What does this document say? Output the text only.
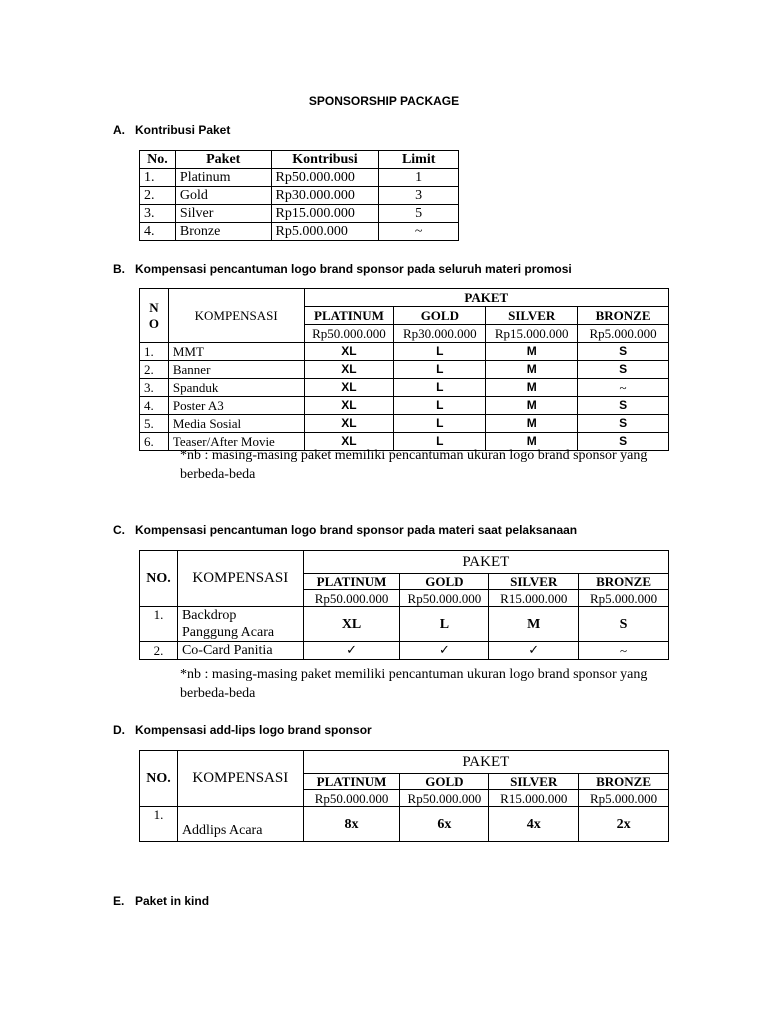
SPONSORSHIP PACKAGE
A. Kontribusi Paket
No.	Paket	Kontribusi	Limit
1.	Platinum	Rp50.000.000	1
2.	Gold	Rp30.000.000	3
3.	Silver	Rp15.000.000	5
4.	Bronze	Rp5.000.000	~
B. Kompensasi pencantuman logo brand sponsor pada seluruh materi promosi
N
O	KOMPENSASI	PAKET			
		PLATINUM	GOLD	SILVER	BRONZE
		Rp50.000.000	Rp30.000.000	Rp15.000.000	Rp5.000.000
1.	MMT	XL	L	M	S
2.	Banner	XL	L	M	S
3.	Spanduk	XL	L	M	~
4.	Poster A3	XL	L	M	S
5.	Media Sosial	XL	L	M	S
6.	Teaser/After Movie	XL	L	M	S
*nb : masing-masing paket memiliki pencantuman ukuran logo brand sponsor yang
berbeda-beda
C. Kompensasi pencantuman logo brand sponsor pada materi saat pelaksanaan
NO.	KOMPENSASI	PAKET			
		PLATINUM	GOLD	SILVER	BRONZE
		Rp50.000.000	Rp50.000.000	R15.000.000	Rp5.000.000
1.	Backdrop
Panggung Acara	XL	L	M	S
2.	Co-Card Panitia	✓	✓	✓	~
*nb : masing-masing paket memiliki pencantuman ukuran logo brand sponsor yang
berbeda-beda
D. Kompensasi add-lips logo brand sponsor
NO.	KOMPENSASI	PAKET			
		PLATINUM	GOLD	SILVER	BRONZE
		Rp50.000.000	Rp50.000.000	R15.000.000	Rp5.000.000
1.	Addlips Acara	8x	6x	4x	2x
E. Paket in kind
